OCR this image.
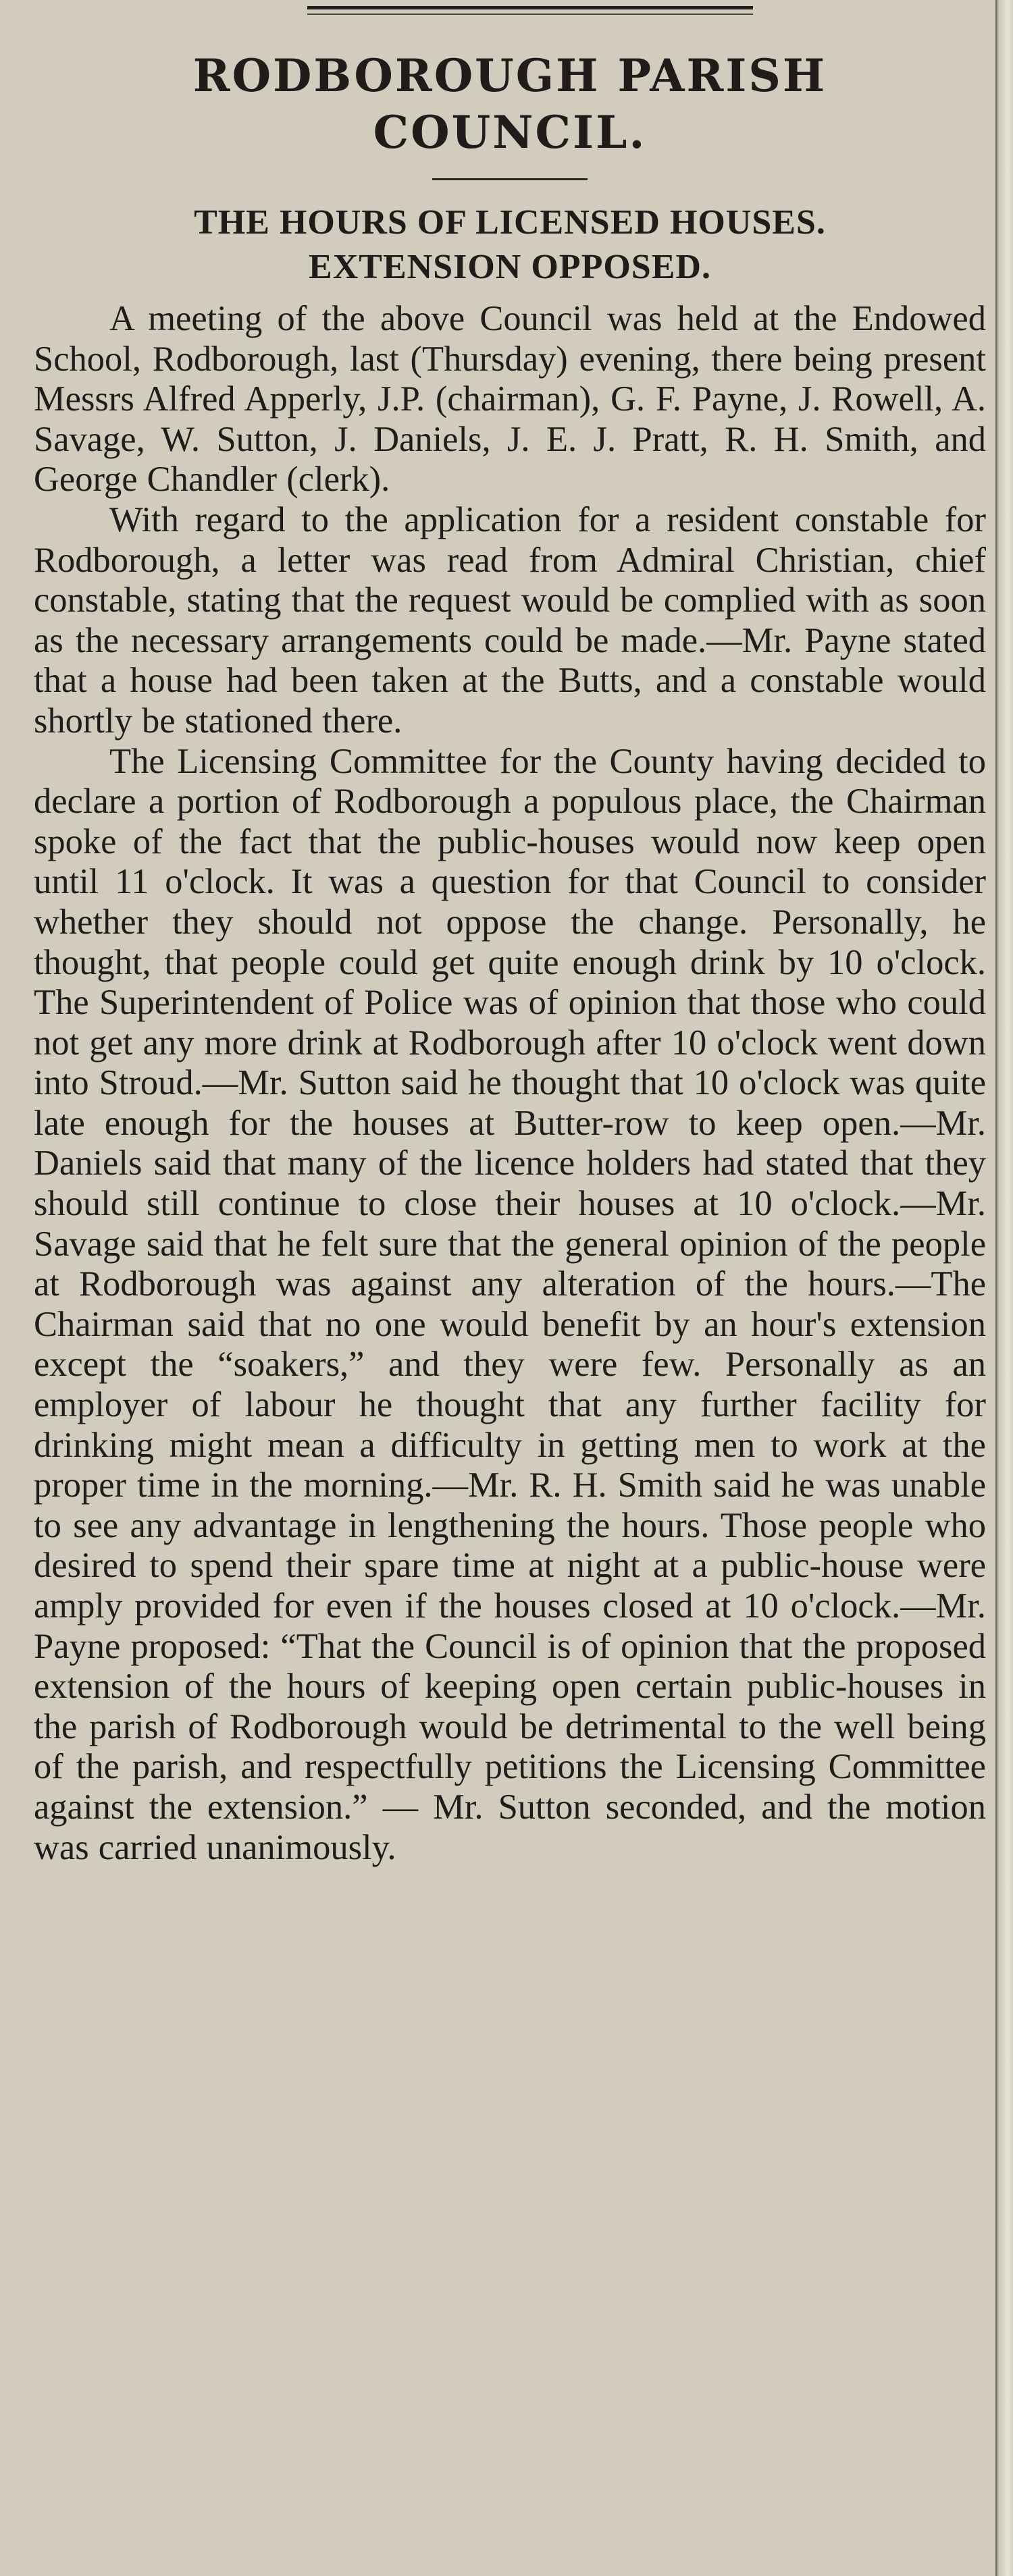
RODBOROUGH PARISH
COUNCIL.
THE HOURS OF LICENSED HOUSES.
EXTENSION OPPOSED.

A meeting of the above Council was held at the Endowed School, Rodborough, last (Thursday) evening, there being present Messrs Alfred Apperly, J.P. (chairman), G. F. Payne, J. Rowell, A. Savage, W. Sutton, J. Daniels, J. E. J. Pratt, R. H. Smith, and George Chandler (clerk).

With regard to the application for a resident constable for Rodborough, a letter was read from Admiral Christian, chief constable, stating that the request would be complied with as soon as the necessary arrangements could be made.—Mr. Payne stated that a house had been taken at the Butts, and a constable would shortly be stationed there.

The Licensing Committee for the County having decided to declare a portion of Rodborough a populous place, the Chairman spoke of the fact that the public-houses would now keep open until 11 o'clock. It was a question for that Council to consider whether they should not oppose the change. Personally, he thought, that people could get quite enough drink by 10 o'clock. The Superintendent of Police was of opinion that those who could not get any more drink at Rodborough after 10 o'clock went down into Stroud.—Mr. Sutton said he thought that 10 o'clock was quite late enough for the houses at Butter-row to keep open.—Mr. Daniels said that many of the licence holders had stated that they should still continue to close their houses at 10 o'clock.—Mr. Savage said that he felt sure that the general opinion of the people at Rodborough was against any alteration of the hours.—The Chairman said that no one would benefit by an hour's extension except the “soakers,” and they were few. Personally as an employer of labour he thought that any further facility for drinking might mean a difficulty in getting men to work at the proper time in the morning.—Mr. R. H. Smith said he was unable to see any advantage in lengthening the hours. Those people who desired to spend their spare time at night at a public-house were amply provided for even if the houses closed at 10 o'clock.—Mr. Payne proposed: “That the Council is of opinion that the proposed extension of the hours of keeping open certain public-houses in the parish of Rodborough would be detrimental to the well being of the parish, and respectfully petitions the Licensing Committee against the extension.” — Mr. Sutton seconded, and the motion was carried unanimously.
